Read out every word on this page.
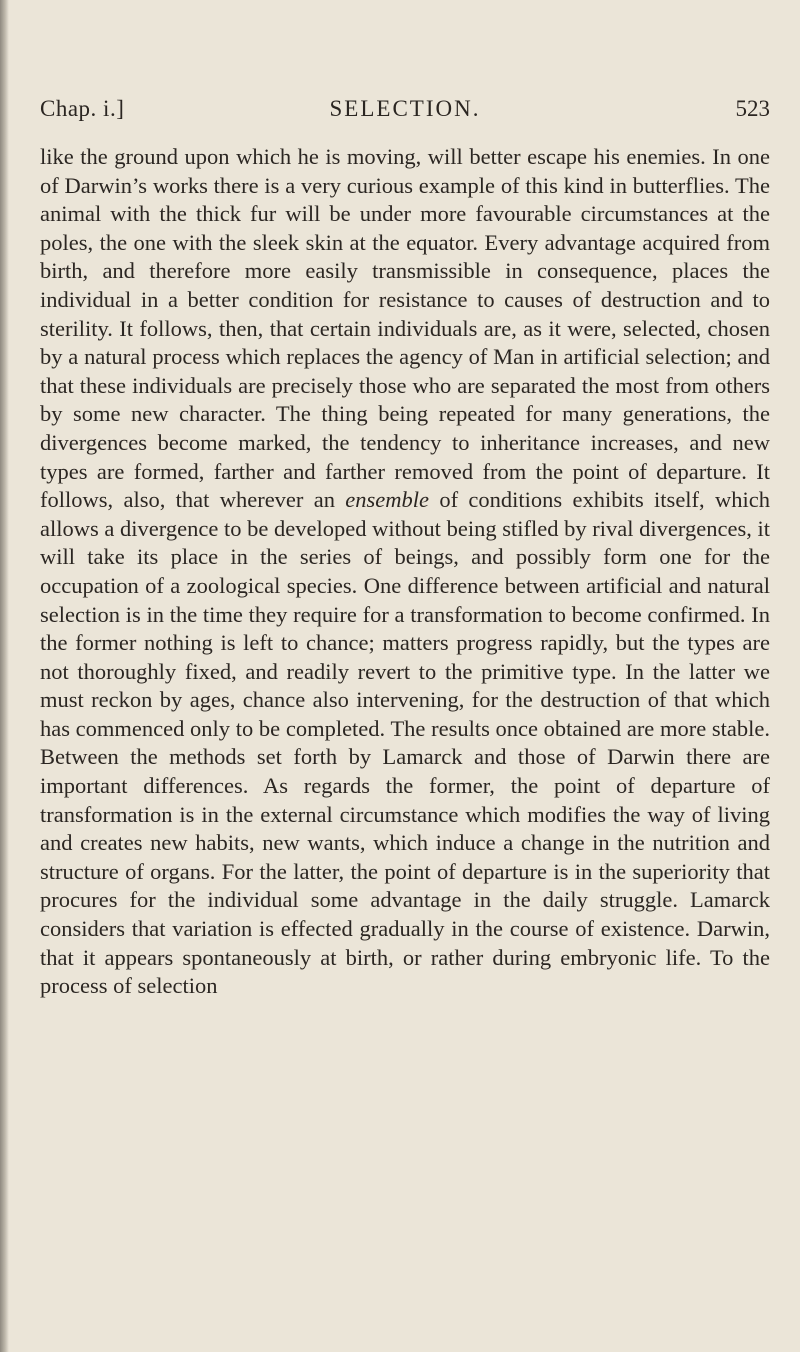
Chap. i.]	SELECTION.	523

like the ground upon which he is moving, will better escape his enemies. In one of Darwin’s works there is a very curious example of this kind in butterflies. The animal with the thick fur will be under more favourable circumstances at the poles, the one with the sleek skin at the equator. Every advantage acquired from birth, and therefore more easily transmissible in consequence, places the individual in a better condition for resistance to causes of destruction and to sterility. It follows, then, that certain individuals are, as it were, selected, chosen by a natural process which replaces the agency of Man in artificial selection; and that these individuals are precisely those who are separated the most from others by some new character. The thing being repeated for many generations, the divergences become marked, the tendency to inheritance increases, and new types are formed, farther and farther removed from the point of departure. It follows, also, that wherever an ensemble of conditions exhibits itself, which allows a divergence to be developed without being stifled by rival divergences, it will take its place in the series of beings, and possibly form one for the occupation of a zoological species. One difference between artificial and natural selection is in the time they require for a transformation to become confirmed. In the former nothing is left to chance; matters progress rapidly, but the types are not thoroughly fixed, and readily revert to the primitive type. In the latter we must reckon by ages, chance also intervening, for the destruction of that which has commenced only to be completed. The results once obtained are more stable. Between the methods set forth by Lamarck and those of Darwin there are important differences. As regards the former, the point of departure of transformation is in the external circumstance which modifies the way of living and creates new habits, new wants, which induce a change in the nutrition and structure of organs. For the latter, the point of departure is in the superiority that procures for the individual some advantage in the daily struggle. Lamarck considers that variation is effected gradually in the course of existence. Darwin, that it appears spontaneously at birth, or rather during embryonic life. To the process of selection
